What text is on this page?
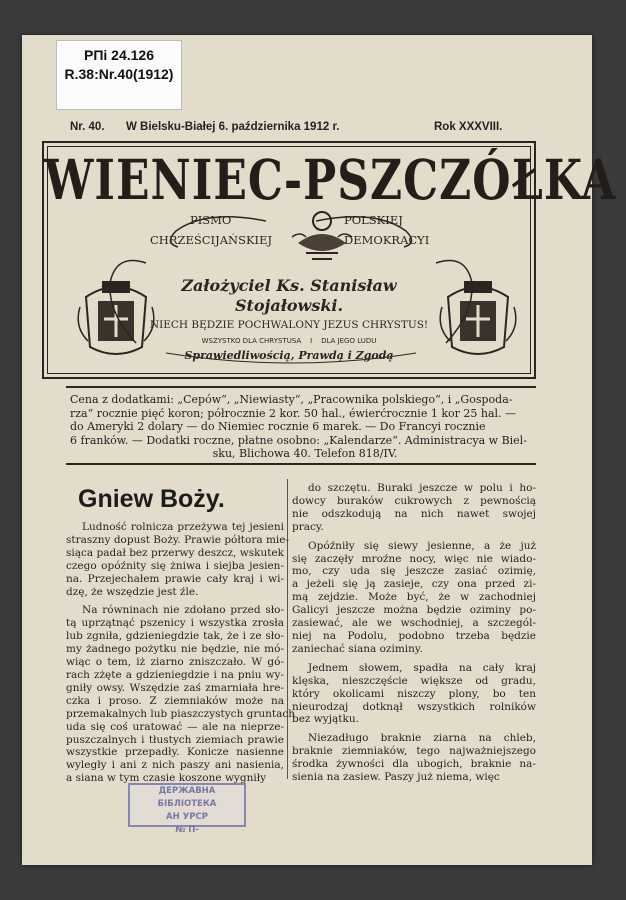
РПі 24.126
R.38:Nr.40(1912)
Nr. 40. W Bielsku-Białej 6. października 1912 r.	Rok XXXVIII.
WIENIEC-PSZCZÓŁKA
PISMO	POLSKIEJ
CHRZEŚCIJAŃSKIEJ	DEMOKRACYI
Założyciel Ks. Stanisław
Stojałowski.
NIECH BĘDZIE POCHWALONY JEZUS CHRYSTUS!
WSZYSTKO DLA CHRYSTUSA I DLA JEGO LUDU
Sprawiedliwością, Prawdą i Zgodą
Cena z dodatkami: „Cepów“, „Niewiasty“, „Pracownika polskiego“, i „Gospoda-
rza“ rocznie pięć koron; półrocznie 2 kor. 50 hal., éwierćrocznie 1 kor 25 hal. —
do Ameryki 2 dolary — do Niemiec rocznie 6 marek. — Do Francyi rocznie
6 franków. — Dodatki roczne, płatne osobno: „Kalendarze“. Administracya w Biel-
sku, Blichowa 40. Telefon 818/IV.
Gniew Boży.

Ludność rolnicza przeżywa tej jesieni
straszny dopust Boży. Prawie półtora mie-
siąca padał bez przerwy deszcz, wskutek
czego opóźnity się żniwa i siejba jesien-
na. Przejechałem prawie cały kraj i wi-
dzę, że wszędzie jest źle.

Na równinach nie zdołano przed sło-
tą uprzątnąć pszenicy i wszystka zrosła
lub zgniła, gdzieniegdzie tak, że i ze sło-
my żadnego pożytku nie będzie, nie mó-
wiąc o tem, iż ziarno zniszczało. W gó-
rach zżęte a gdzieniegdzie i na pniu wy-
gniły owsy. Wszędzie zaś zmarniała hre-
czka i proso. Z ziemniaków może na
przemakalnych lub piaszczystych gruntach
uda się coś uratować — ale na nieprze-
puszczalnych i tłustych ziemiach prawie
wszystkie przepadły. Konicze nasienne
wyległy i ani z nich paszy ani nasienia,
a siana w tym czasie koszone wygniły

do szczętu. Buraki jeszcze w polu i ho-
dowcy buraków cukrowych z pewnością
nie odszkodują na nich nawet swojej
pracy.

Opóźniły się siewy jesienne, a że już
się zaczęły mroźne nocy, więc nie wiado-
mo, czy uda się jeszcze zasiać ozimię,
a jeżeli się ją zasieje, czy ona przed zi-
mą zejdzie. Może być, że w zachodniej
Galicyi jeszcze można będzie oziminy po-
zasiewać, ale we wschodniej, a szczegól-
niej na Podolu, podobno trzeba będzie
zaniechać siana oziminy.

Jednem słowem, spadła na cały kraj
klęska, nieszczęście większe od gradu,
który okolicami niszczy plony, bo ten
nieurodzaj dotknął wszystkich rolników
bez wyjątku.

Niezadługo braknie ziarna na chleb,
braknie ziemniaków, tego najważniejszego
środka żywności dla ubogich, braknie na-
sienia na zasiew. Paszy już niema, więc

ДЕРЖАВНА БІБЛІОТЕКА
АН УРСР
№ П-
